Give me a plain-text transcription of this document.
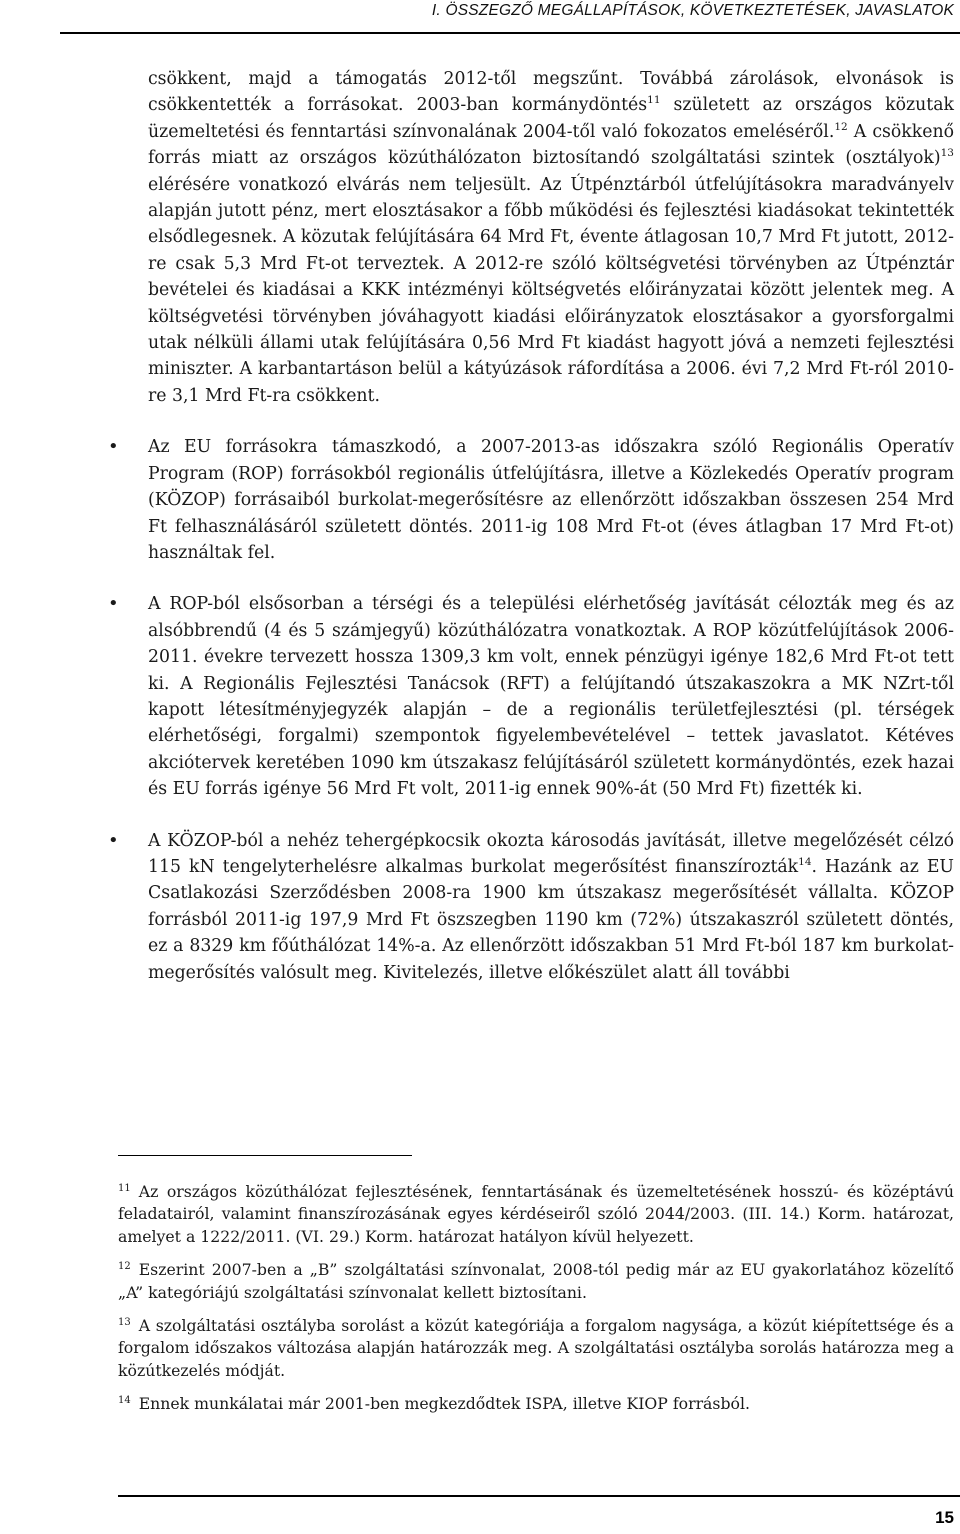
I. ÖSSZEGZŐ MEGÁLLAPÍTÁSOK, KÖVETKEZTETÉSEK, JAVASLATOK

csökkent, majd a támogatás 2012-től megszűnt. Továbbá zárolások, elvonások is csökkentették a forrásokat. 2003-ban kormánydöntés$^{11}$ született az országos közutak üzemeltetési és fenntartási színvonalának 2004-től való fokozatos emeléséről.$^{12}$ A csökkenő forrás miatt az országos közúthálózaton biztosítandó szolgáltatási szintek (osztályok)$^{13}$ elérésére vonatkozó elvárás nem teljesült. Az Útpénztárból útfelújításokra maradványelv alapján jutott pénz, mert elosztásakor a főbb működési és fejlesztési kiadásokat tekintették elsődlegesnek. A közutak felújítására 64 Mrd Ft, évente átlagosan 10,7 Mrd Ft jutott, 2012-re csak 5,3 Mrd Ft-ot terveztek. A 2012-re szóló költségvetési törvényben az Útpénztár bevételei és kiadásai a KKK intézményi költségvetés előirányzatai között jelentek meg. A költségvetési törvényben jóváhagyott kiadási előirányzatok elosztásakor a gyorsforgalmi utak nélküli állami utak felújítására 0,56 Mrd Ft kiadást hagyott jóvá a nemzeti fejlesztési miniszter. A karbantartáson belül a kátyúzások ráfordítása a 2006. évi 7,2 Mrd Ft-ról 2010-re 3,1 Mrd Ft-ra csökkent.

• Az EU forrásokra támaszkodó, a 2007-2013-as időszakra szóló Regionális Operatív Program (ROP) forrásokból regionális útfelújításra, illetve a Közlekedés Operatív program (KÖZOP) forrásaiból burkolat-megerősítésre az ellenőrzött időszakban összesen 254 Mrd Ft felhasználásáról született döntés. 2011-ig 108 Mrd Ft-ot (éves átlagban 17 Mrd Ft-ot) használtak fel.
• A ROP-ból elsősorban a térségi és a települési elérhetőség javítását célozták meg és az alsóbbrendű (4 és 5 számjegyű) közúthálózatra vonatkoztak. A ROP közútfelújítások 2006-2011. évekre tervezett hossza 1309,3 km volt, ennek pénzügyi igénye 182,6 Mrd Ft-ot tett ki. A Regionális Fejlesztési Tanácsok (RFT) a felújítandó útszakaszokra a MK NZrt-től kapott létesítményjegyzék alapján – de a regionális területfejlesztési (pl. térségek elérhetőségi, forgalmi) szempontok figyelembevételével – tettek javaslatot. Kétéves akciótervek keretében 1090 km útszakasz felújításáról született kormánydöntés, ezek hazai és EU forrás igénye 56 Mrd Ft volt, 2011-ig ennek 90%-át (50 Mrd Ft) fizették ki.
• A KÖZOP-ból a nehéz tehergépkocsik okozta károsodás javítását, illetve megelőzését célzó 115 kN tengelyterhelésre alkalmas burkolat megerősítést finanszírozták$^{14}$. Hazánk az EU Csatlakozási Szerződésben 2008-ra 1900 km útszakasz megerősítését vállalta. KÖZOP forrásból 2011-ig 197,9 Mrd Ft öszszegben 1190 km (72%) útszakaszról született döntés, ez a 8329 km főúthálózat 14%-a. Az ellenőrzött időszakban 51 Mrd Ft-ból 187 km burkolatmegerősítés valósult meg. Kivitelezés, illetve előkészület alatt áll további

$^{11}$ Az országos közúthálózat fejlesztésének, fenntartásának és üzemeltetésének hosszú- és középtávú feladatairól, valamint finanszírozásának egyes kérdéseiről szóló 2044/2003. (III. 14.) Korm. határozat, amelyet a 1222/2011. (VI. 29.) Korm. határozat hatályon kívül helyezett.

$^{12}$ Eszerint 2007-ben a „B” szolgáltatási színvonalat, 2008-tól pedig már az EU gyakorlatához közelítő „A” kategóriájú szolgáltatási színvonalat kellett biztosítani.

$^{13}$ A szolgáltatási osztályba sorolást a közút kategóriája a forgalom nagysága, a közút kiépítettsége és a forgalom időszakos változása alapján határozzák meg. A szolgáltatási osztályba sorolás határozza meg a közútkezelés módját.

$^{14}$ Ennek munkálatai már 2001-ben megkezdődtek ISPA, illetve KIOP forrásból.

15
